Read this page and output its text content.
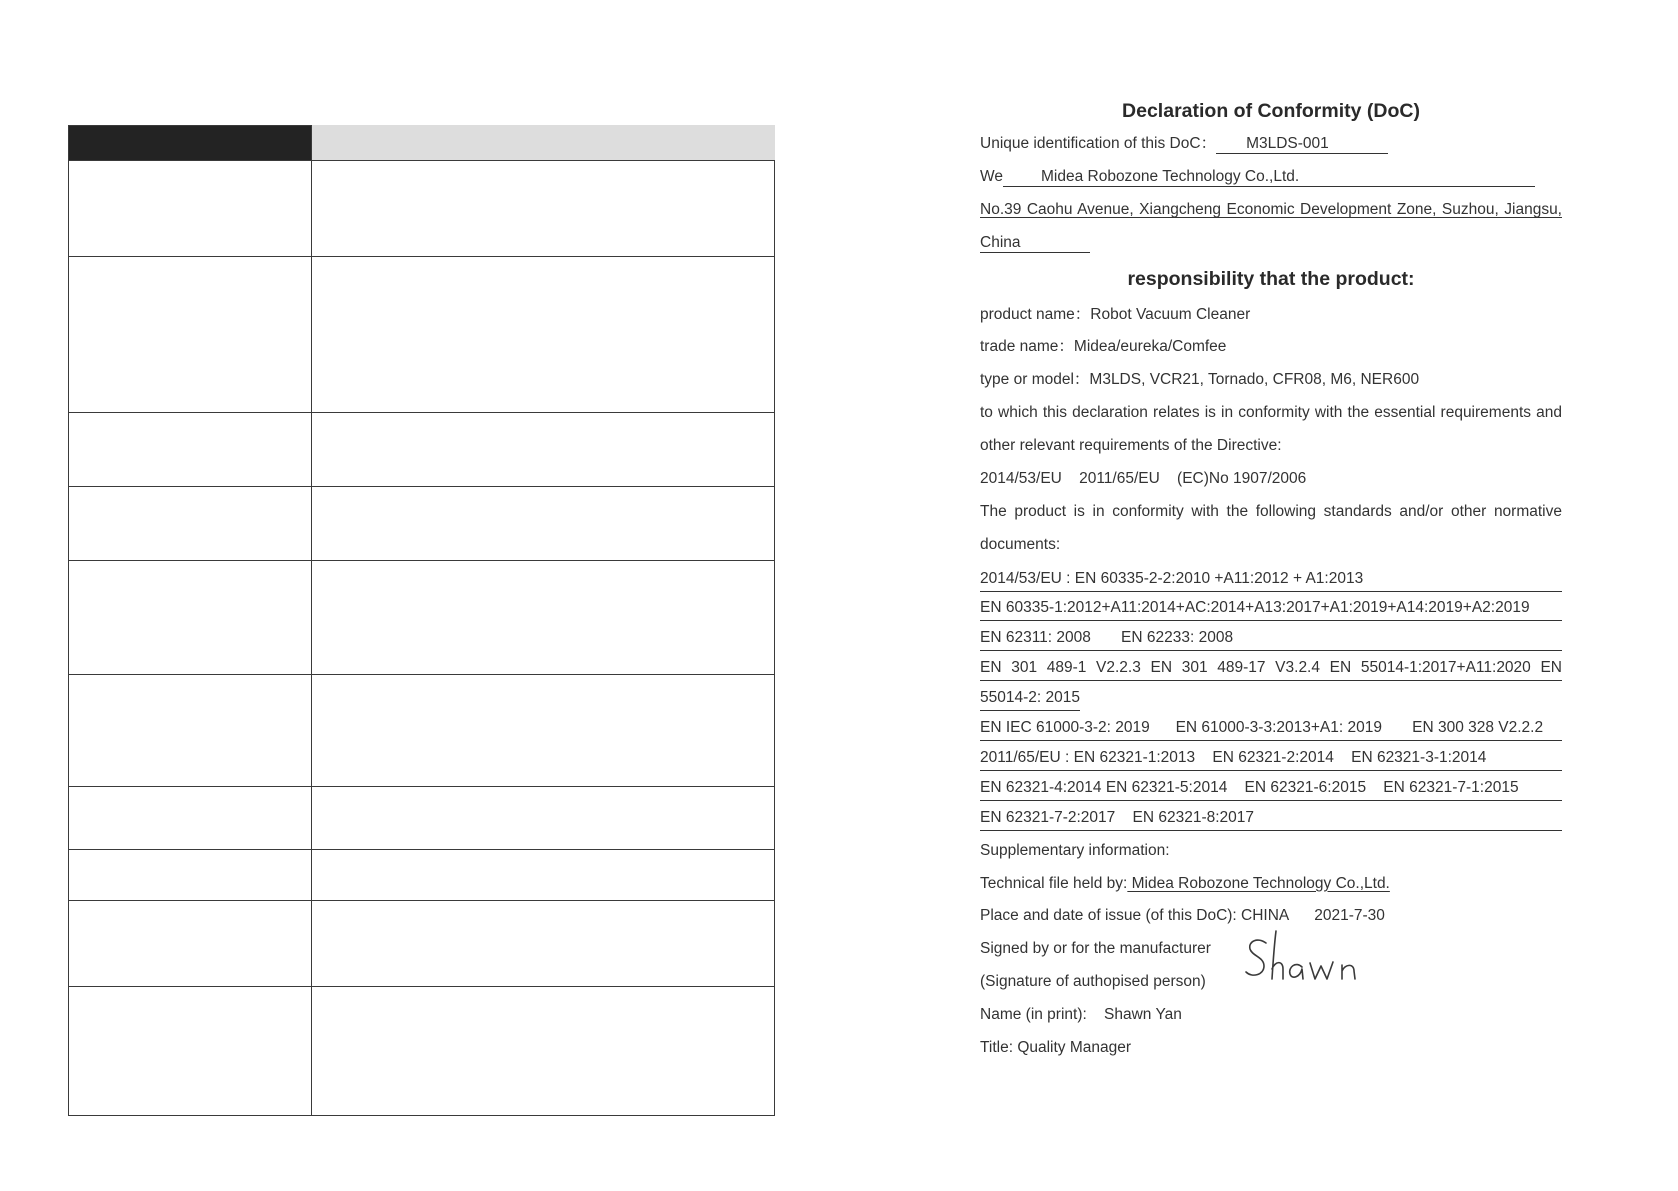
Declaration of Conformity (DoC)
Unique identification of this DoC： M3LDS-001
We Midea Robozone Technology Co.,Ltd.
No.39 Caohu Avenue, Xiangcheng Economic Development Zone, Suzhou, Jiangsu,
China
responsibility that the product:
product name：Robot Vacuum Cleaner
trade name：Midea/eureka/Comfee
type or model：M3LDS, VCR21, Tornado, CFR08, M6, NER600
to which this declaration relates is in conformity with the essential requirements and
other relevant requirements of the Directive:
2014/53/EU    2011/65/EU    (EC)No 1907/2006
The product is in conformity with the following standards and/or other normative
documents:
2014/53/EU : EN 60335-2-2:2010 +A11:2012 + A1:2013
EN 60335-1:2012+A11:2014+AC:2014+A13:2017+A1:2019+A14:2019+A2:2019
EN 62311: 2008       EN 62233: 2008
EN 301 489-1 V2.2.3 EN 301 489-17 V3.2.4 EN 55014-1:2017+A11:2020 EN
55014-2: 2015
EN IEC 61000-3-2: 2019      EN 61000-3-3:2013+A1: 2019       EN 300 328 V2.2.2
2011/65/EU : EN 62321-1:2013    EN 62321-2:2014    EN 62321-3-1:2014
EN 62321-4:2014 EN 62321-5:2014    EN 62321-6:2015    EN 62321-7-1:2015
EN 62321-7-2:2017    EN 62321-8:2017
Supplementary information:
Technical file held by: Midea Robozone Technology Co.,Ltd.
Place and date of issue (of this DoC): CHINA      2021-7-30
Signed by or for the manufacturer
(Signature of authopised person)
Name (in print):    Shawn Yan
Title: Quality Manager
